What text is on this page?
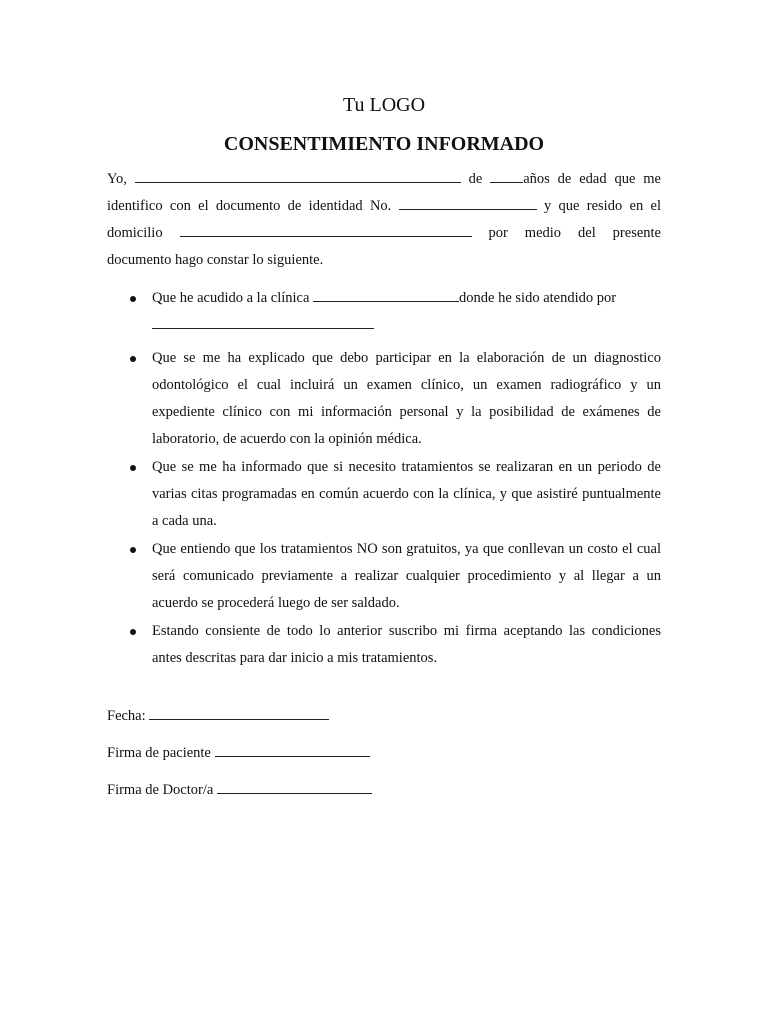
Tu LOGO
CONSENTIMIENTO INFORMADO

Yo,	de años de edad que me identifico con el documento de identidad No.	y que resido en el domicilio	por medio del presente documento hago constar lo siguiente.

Que he acudido a la clínica	donde he sido atendido por

Que se me ha explicado que debo participar en la elaboración de un diagnostico odontológico el cual incluirá un examen clínico, un examen radiográfico y un expediente clínico con mi información personal y la posibilidad de exámenes de laboratorio, de acuerdo con la opinión médica.
Que se me ha informado que si necesito tratamientos se realizaran en un periodo de varias citas programadas en común acuerdo con la clínica, y que asistiré puntualmente a cada una.
Que entiendo que los tratamientos NO son gratuitos, ya que conllevan un costo el cual será comunicado previamente a realizar cualquier procedimiento y al llegar a un acuerdo se procederá luego de ser saldado.
Estando consiente de todo lo anterior suscribo mi firma aceptando las condiciones antes descritas para dar inicio a mis tratamientos.
Fecha:
Firma de paciente
Firma de Doctor/a
